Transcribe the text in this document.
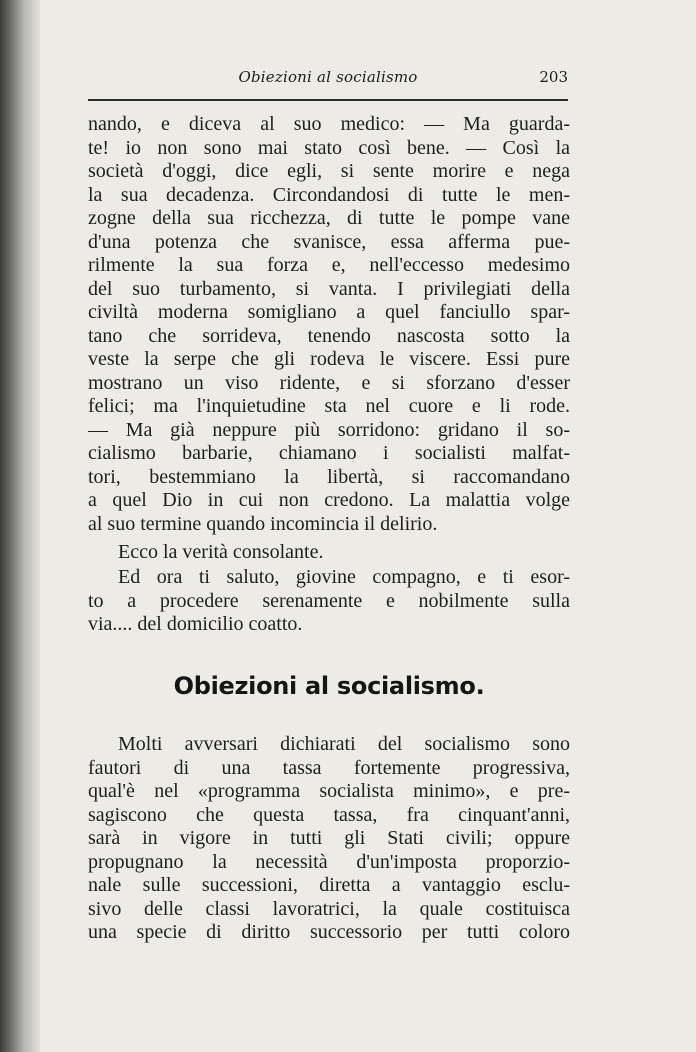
Obiezioni al socialismo	203
nando, e diceva al suo medico: — Ma guarda-
te! io non sono mai stato così bene. — Così la
società d'oggi, dice egli, si sente morire e nega
la sua decadenza. Circondandosi di tutte le men-
zogne della sua ricchezza, di tutte le pompe vane
d'una potenza che svanisce, essa afferma pue-
rilmente la sua forza e, nell'eccesso medesimo
del suo turbamento, si vanta. I privilegiati della
civiltà moderna somigliano a quel fanciullo spar-
tano che sorrideva, tenendo nascosta sotto la
veste la serpe che gli rodeva le viscere. Essi pure
mostrano un viso ridente, e si sforzano d'esser
felici; ma l'inquietudine sta nel cuore e li rode.
— Ma già neppure più sorridono: gridano il so-
cialismo barbarie, chiamano i socialisti malfat-
tori, bestemmiano la libertà, si raccomandano
a quel Dio in cui non credono. La malattia volge
al suo termine quando incomincia il delirio.
Ecco la verità consolante.
Ed ora ti saluto, giovine compagno, e ti esor-
to a procedere serenamente e nobilmente sulla
via.... del domicilio coatto.
Obiezioni al socialismo.
Molti avversari dichiarati del socialismo sono
fautori di una tassa fortemente progressiva,
qual'è nel «programma socialista minimo», e pre-
sagiscono che questa tassa, fra cinquant'anni,
sarà in vigore in tutti gli Stati civili; oppure
propugnano la necessità d'un'imposta proporzio-
nale sulle successioni, diretta a vantaggio esclu-
sivo delle classi lavoratrici, la quale costituisca
una specie di diritto successorio per tutti coloro
